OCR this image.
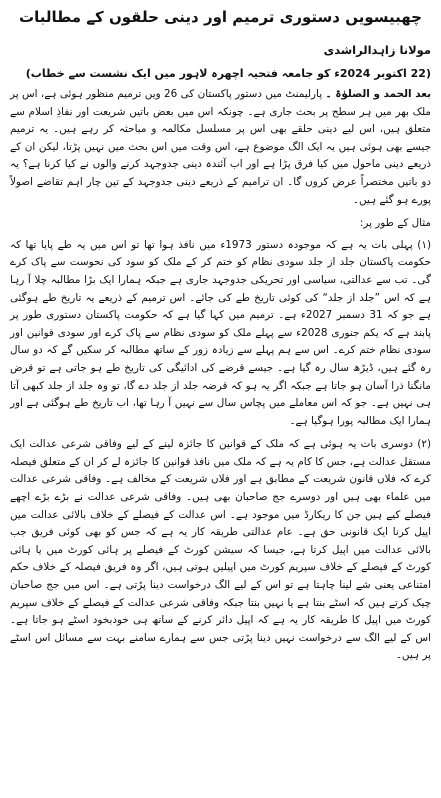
چھبیسویں دستوری ترمیم اور دینی حلقوں کے مطالبات
مولانا زاہدالراشدی
(22 اکتوبر 2024ء کو جامعہ فتحیہ اچھرہ لاہور میں ایک نشست سے خطاب)

بعد الحمد و الصلوٰۃ ۔ پارلیمنٹ میں دستور پاکستان کی 26 ویں ترمیم منظور ہوئی ہے، اس پر ملک بھر میں ہر سطح پر بحث جاری ہے۔ چونکہ اس میں بعض باتیں شریعت اور نفاذِ اسلام سے متعلق ہیں، اس لیے دینی حلقے بھی اس پر مسلسل مکالمہ و مباحثہ کر رہے ہیں۔ یہ ترمیم جیسے بھی ہوئی ہیں یہ ایک الگ موضوع ہے، اس وقت میں اس بحث میں نہیں پڑتا، لیکن ان کے ذریعے دینی ماحول میں کیا فرق پڑا ہے اور اب آئندہ دینی جدوجہد کرنے والوں نے کیا کرنا ہے؟ یہ دو باتیں مختصراً عرض کروں گا۔ ان ترامیم کے ذریعے دینی جدوجہد کے تین چار اہم تقاضے اصولاً پورے ہو گئے ہیں۔

مثال کے طور پر:

(۱) پہلی بات یہ ہے کہ موجودہ دستور 1973ء میں نافذ ہوا تھا تو اس میں یہ طے پایا تھا کہ حکومت پاکستان جلد از جلد سودی نظام کو ختم کر کے ملک کو سود کی نحوست سے پاک کرے گی۔ تب سے عدالتی، سیاسی اور تحریکی جدوجہد جاری ہے جبکہ ہمارا ایک بڑا مطالبہ چلا آ رہا ہے کہ اس ”جلد از جلد“ کی کوئی تاریخ طے کی جائے۔ اس ترمیم کے ذریعے یہ تاریخ طے ہوگئی ہے جو کہ 31 دسمبر 2027ء ہے۔ ترمیم میں کہا گیا ہے کہ حکومت پاکستان دستوری طور پر پابند ہے کہ یکم جنوری 2028ء سے پہلے ملک کو سودی نظام سے پاک کرے اور سودی قوانین اور سودی نظام ختم کرے۔ اس سے ہم پہلے سے زیادہ زور کے ساتھ مطالبہ کر سکیں گے کہ دو سال رہ گئے ہیں، ڈیڑھ سال رہ گیا ہے۔ جیسے قرضے کی ادائیگی کی تاریخ طے ہو جاتی ہے تو قرض مانگنا ذرا آسان ہو جاتا ہے جبکہ اگر یہ ہو کہ قرضہ جلد از جلد دے گا، تو وہ جلد از جلد کبھی آتا ہی نہیں ہے۔ جو کہ اس معاملے میں پچاس سال سے نہیں آ رہا تھا، اب تاریخ طے ہوگئی ہے اور ہمارا ایک مطالبہ پورا ہوگیا ہے۔

(۲) دوسری بات یہ ہوئی ہے کہ ملک کے قوانین کا جائزہ لینے کے لیے وفاقی شرعی عدالت ایک مستقل عدالت ہے، جس کا کام یہ ہے کہ ملک میں نافذ قوانین کا جائزہ لے کر ان کے متعلق فیصلہ کرے کہ فلاں قانون شریعت کے مطابق ہے اور فلاں شریعت کے مخالف ہے۔ وفاقی شرعی عدالت میں علماء بھی ہیں اور دوسرے جج صاحبان بھی ہیں۔ وفاقی شرعی عدالت نے بڑے بڑے اچھے فیصلے کیے ہیں جن کا ریکارڈ میں موجود ہے۔ اس عدالت کے فیصلے کے خلاف بالائی عدالت میں اپیل کرنا ایک قانونی حق ہے۔ عام عدالتی طریقہ کار یہ ہے کہ جس کو بھی کوئی فریق جب بالائی عدالت میں اپیل کرتا ہے، جیسا کہ سیشن کورٹ کے فیصلے پر ہائی کورٹ میں یا ہائی کورٹ کے فیصلے کے خلاف سپریم کورٹ میں اپیلیں ہوتی ہیں، اگر وہ فریق فیصلہ کے خلاف حکم امتناعی یعنی شے لینا چاہتا ہے تو اس کے لیے الگ درخواست دینا پڑتی ہے۔ اس میں جج صاحبان چیک کرتے ہیں کہ اسٹے بنتا ہے یا نہیں بنتا جبکہ وفاقی شرعی عدالت کے فیصلے کے خلاف سپریم کورٹ میں اپیل کا طریقہ کار یہ ہے کہ اپیل دائر کرنے کے ساتھ ہی خودبخود اسٹے ہو جاتا ہے۔ اس کے لیے الگ سے درخواست نہیں دینا پڑتی جس سے ہمارے سامنے بہت سے مسائل اس اسٹے پر ہیں۔
